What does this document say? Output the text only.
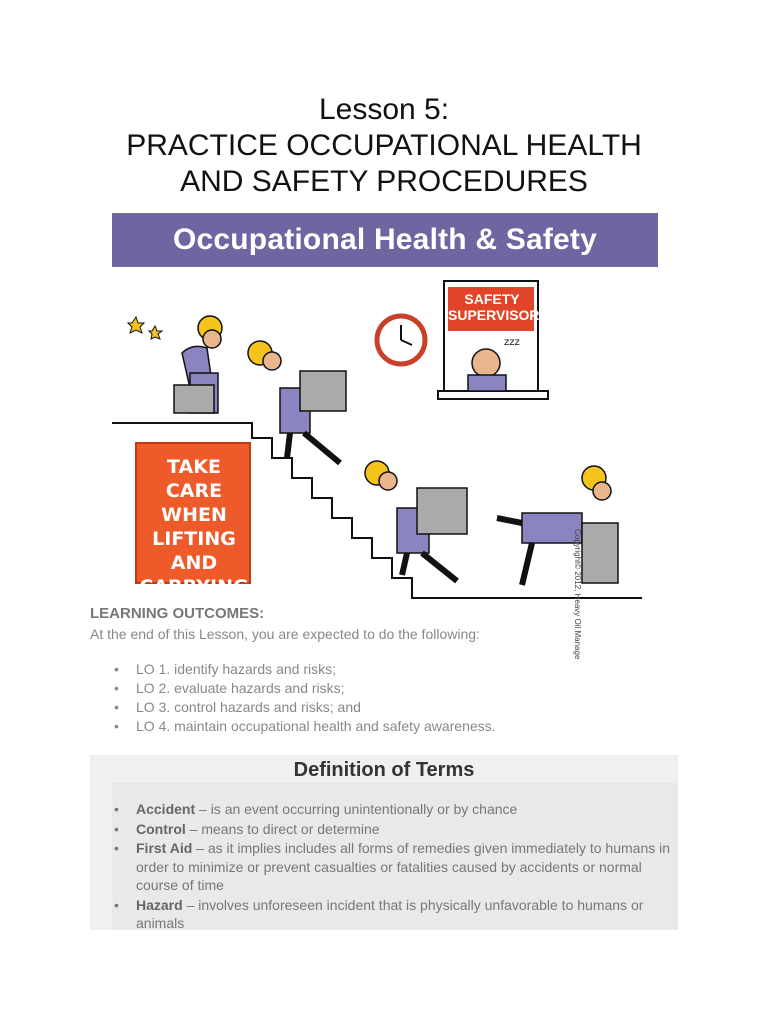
Lesson 5:
PRACTICE OCCUPATIONAL HEALTH
AND SAFETY PROCEDURES
Occupational Health & Safety
zzz
SAFETY SUPERVISOR
TAKE CARE WHEN LIFTING AND CARRYING	Copyright© 2012, Heavy Oil Manage
LEARNING OUTCOMES:

At the end of this Lesson, you are expected to do the following:

• LO 1. identify hazards and risks;
• LO 2. evaluate hazards and risks;
• LO 3. control hazards and risks; and
• LO 4. maintain occupational health and safety awareness.
Definition of Terms
• Accident – is an event occurring unintentionally or by chance
• Control – means to direct or determine
• First Aid – as it implies includes all forms of remedies given immediately to humans in order to minimize or prevent casualties or fatalities caused by accidents or normal course of time
• Hazard – involves unforeseen incident that is physically unfavorable to humans or animals
